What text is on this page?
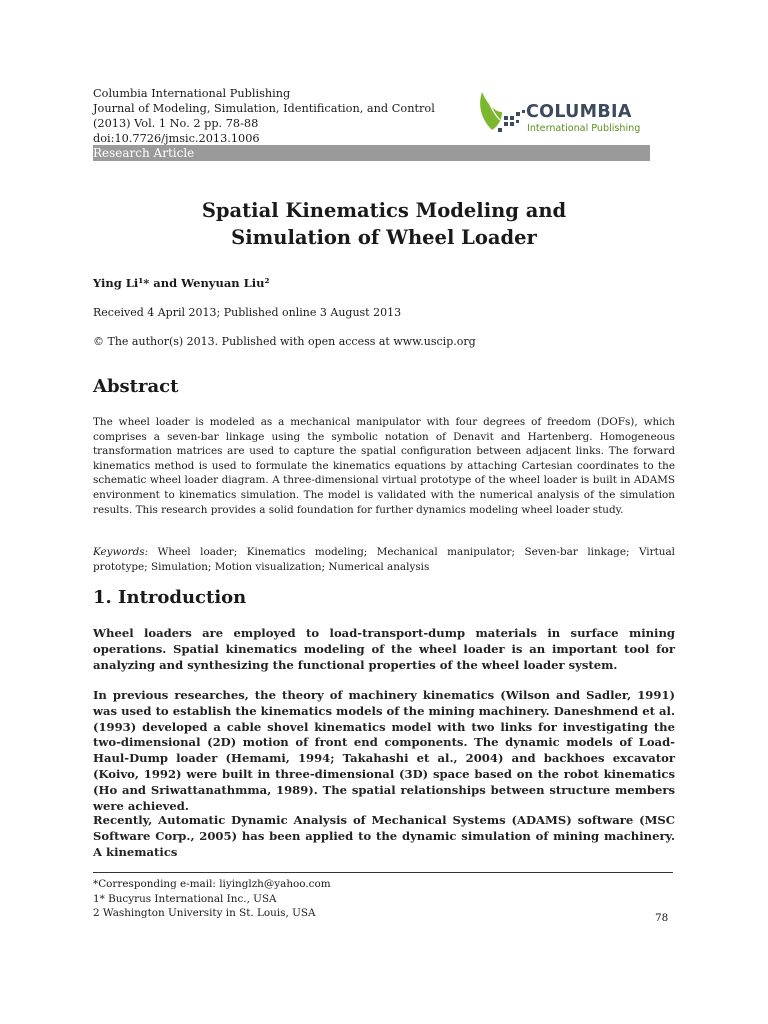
Columbia International Publishing
Journal of Modeling, Simulation, Identification, and Control
(2013) Vol. 1 No. 2 pp. 78-88
doi:10.7726/jmsic.2013.1006
COLUMBIA
International Publishing
Research Article
Spatial Kinematics Modeling and
Simulation of Wheel Loader
Ying Li¹* and Wenyuan Liu²
Received 4 April 2013; Published online 3 August 2013
© The author(s) 2013. Published with open access at www.uscip.org
Abstract
The wheel loader is modeled as a mechanical manipulator with four degrees of freedom (DOFs), which comprises a seven-bar linkage using the symbolic notation of Denavit and Hartenberg. Homogeneous transformation matrices are used to capture the spatial configuration between adjacent links. The forward kinematics method is used to formulate the kinematics equations by attaching Cartesian coordinates to the schematic wheel loader diagram. A three-dimensional virtual prototype of the wheel loader is built in ADAMS environment to kinematics simulation. The model is validated with the numerical analysis of the simulation results. This research provides a solid foundation for further dynamics modeling wheel loader study.
Keywords: Wheel loader; Kinematics modeling; Mechanical manipulator; Seven-bar linkage; Virtual prototype; Simulation; Motion visualization; Numerical analysis
1. Introduction
Wheel loaders are employed to load-transport-dump materials in surface mining operations. Spatial kinematics modeling of the wheel loader is an important tool for analyzing and synthesizing the functional properties of the wheel loader system.
In previous researches, the theory of machinery kinematics (Wilson and Sadler, 1991) was used to establish the kinematics models of the mining machinery. Daneshmend et al. (1993) developed a cable shovel kinematics model with two links for investigating the two-dimensional (2D) motion of front end components. The dynamic models of Load-Haul-Dump loader (Hemami, 1994; Takahashi et al., 2004) and backhoes excavator (Koivo, 1992) were built in three-dimensional (3D) space based on the robot kinematics (Ho and Sriwattanathmma, 1989). The spatial relationships between structure members were achieved.
Recently, Automatic Dynamic Analysis of Mechanical Systems (ADAMS) software (MSC Software Corp., 2005) has been applied to the dynamic simulation of mining machinery. A kinematics
*Corresponding e-mail: liyinglzh@yahoo.com
1* Bucyrus International Inc., USA
2 Washington University in St. Louis, USA	78
